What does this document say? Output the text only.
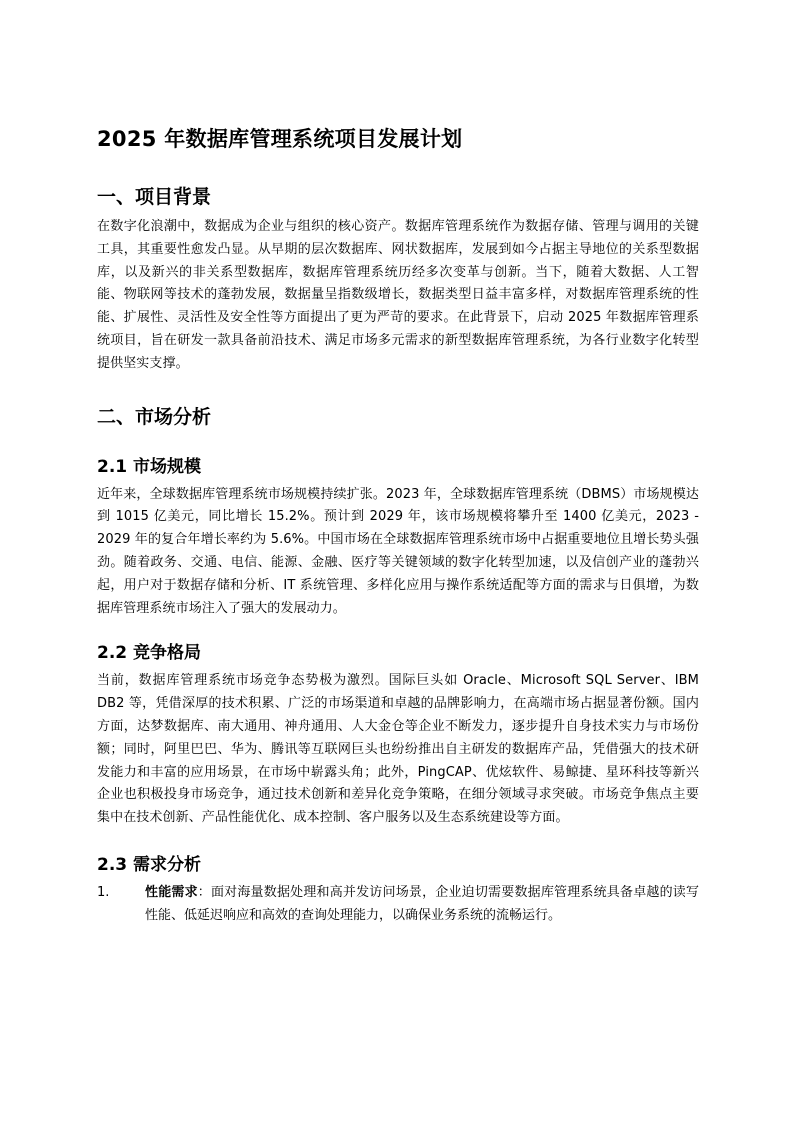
2025 年数据库管理系统项目发展计划
一、项目背景

在数字化浪潮中，数据成为企业与组织的核心资产。数据库管理系统作为数据存储、管理与调用的关键工具，其重要性愈发凸显。从早期的层次数据库、网状数据库，发展到如今占据主导地位的关系型数据库，以及新兴的非关系型数据库，数据库管理系统历经多次变革与创新。当下，随着大数据、人工智能、物联网等技术的蓬勃发展，数据量呈指数级增长，数据类型日益丰富多样，对数据库管理系统的性能、扩展性、灵活性及安全性等方面提出了更为严苛的要求。在此背景下，启动 2025 年数据库管理系统项目，旨在研发一款具备前沿技术、满足市场多元需求的新型数据库管理系统，为各行业数字化转型提供坚实支撑。

二、市场分析
2.1 市场规模

近年来，全球数据库管理系统市场规模持续扩张。2023 年，全球数据库管理系统（DBMS）市场规模达到 1015 亿美元，同比增长 15.2%。预计到 2029 年，该市场规模将攀升至 1400 亿美元，2023 - 2029 年的复合年增长率约为 5.6%。中国市场在全球数据库管理系统市场中占据重要地位且增长势头强劲。随着政务、交通、电信、能源、金融、医疗等关键领域的数字化转型加速，以及信创产业的蓬勃兴起，用户对于数据存储和分析、IT 系统管理、多样化应用与操作系统适配等方面的需求与日俱增，为数据库管理系统市场注入了强大的发展动力。

2.2 竞争格局

当前，数据库管理系统市场竞争态势极为激烈。国际巨头如 Oracle、Microsoft SQL Server、IBM DB2 等，凭借深厚的技术积累、广泛的市场渠道和卓越的品牌影响力，在高端市场占据显著份额。国内方面，达梦数据库、南大通用、神舟通用、人大金仓等企业不断发力，逐步提升自身技术实力与市场份额；同时，阿里巴巴、华为、腾讯等互联网巨头也纷纷推出自主研发的数据库产品，凭借强大的技术研发能力和丰富的应用场景，在市场中崭露头角；此外，PingCAP、优炫软件、易鲸捷、星环科技等新兴企业也积极投身市场竞争，通过技术创新和差异化竞争策略，在细分领域寻求突破。市场竞争焦点主要集中在技术创新、产品性能优化、成本控制、客户服务以及生态系统建设等方面。

2.3 需求分析
1.	性能需求：面对海量数据处理和高并发访问场景，企业迫切需要数据库管理系统具备卓越的读写性能、低延迟响应和高效的查询处理能力，以确保业务系统的流畅运行。
